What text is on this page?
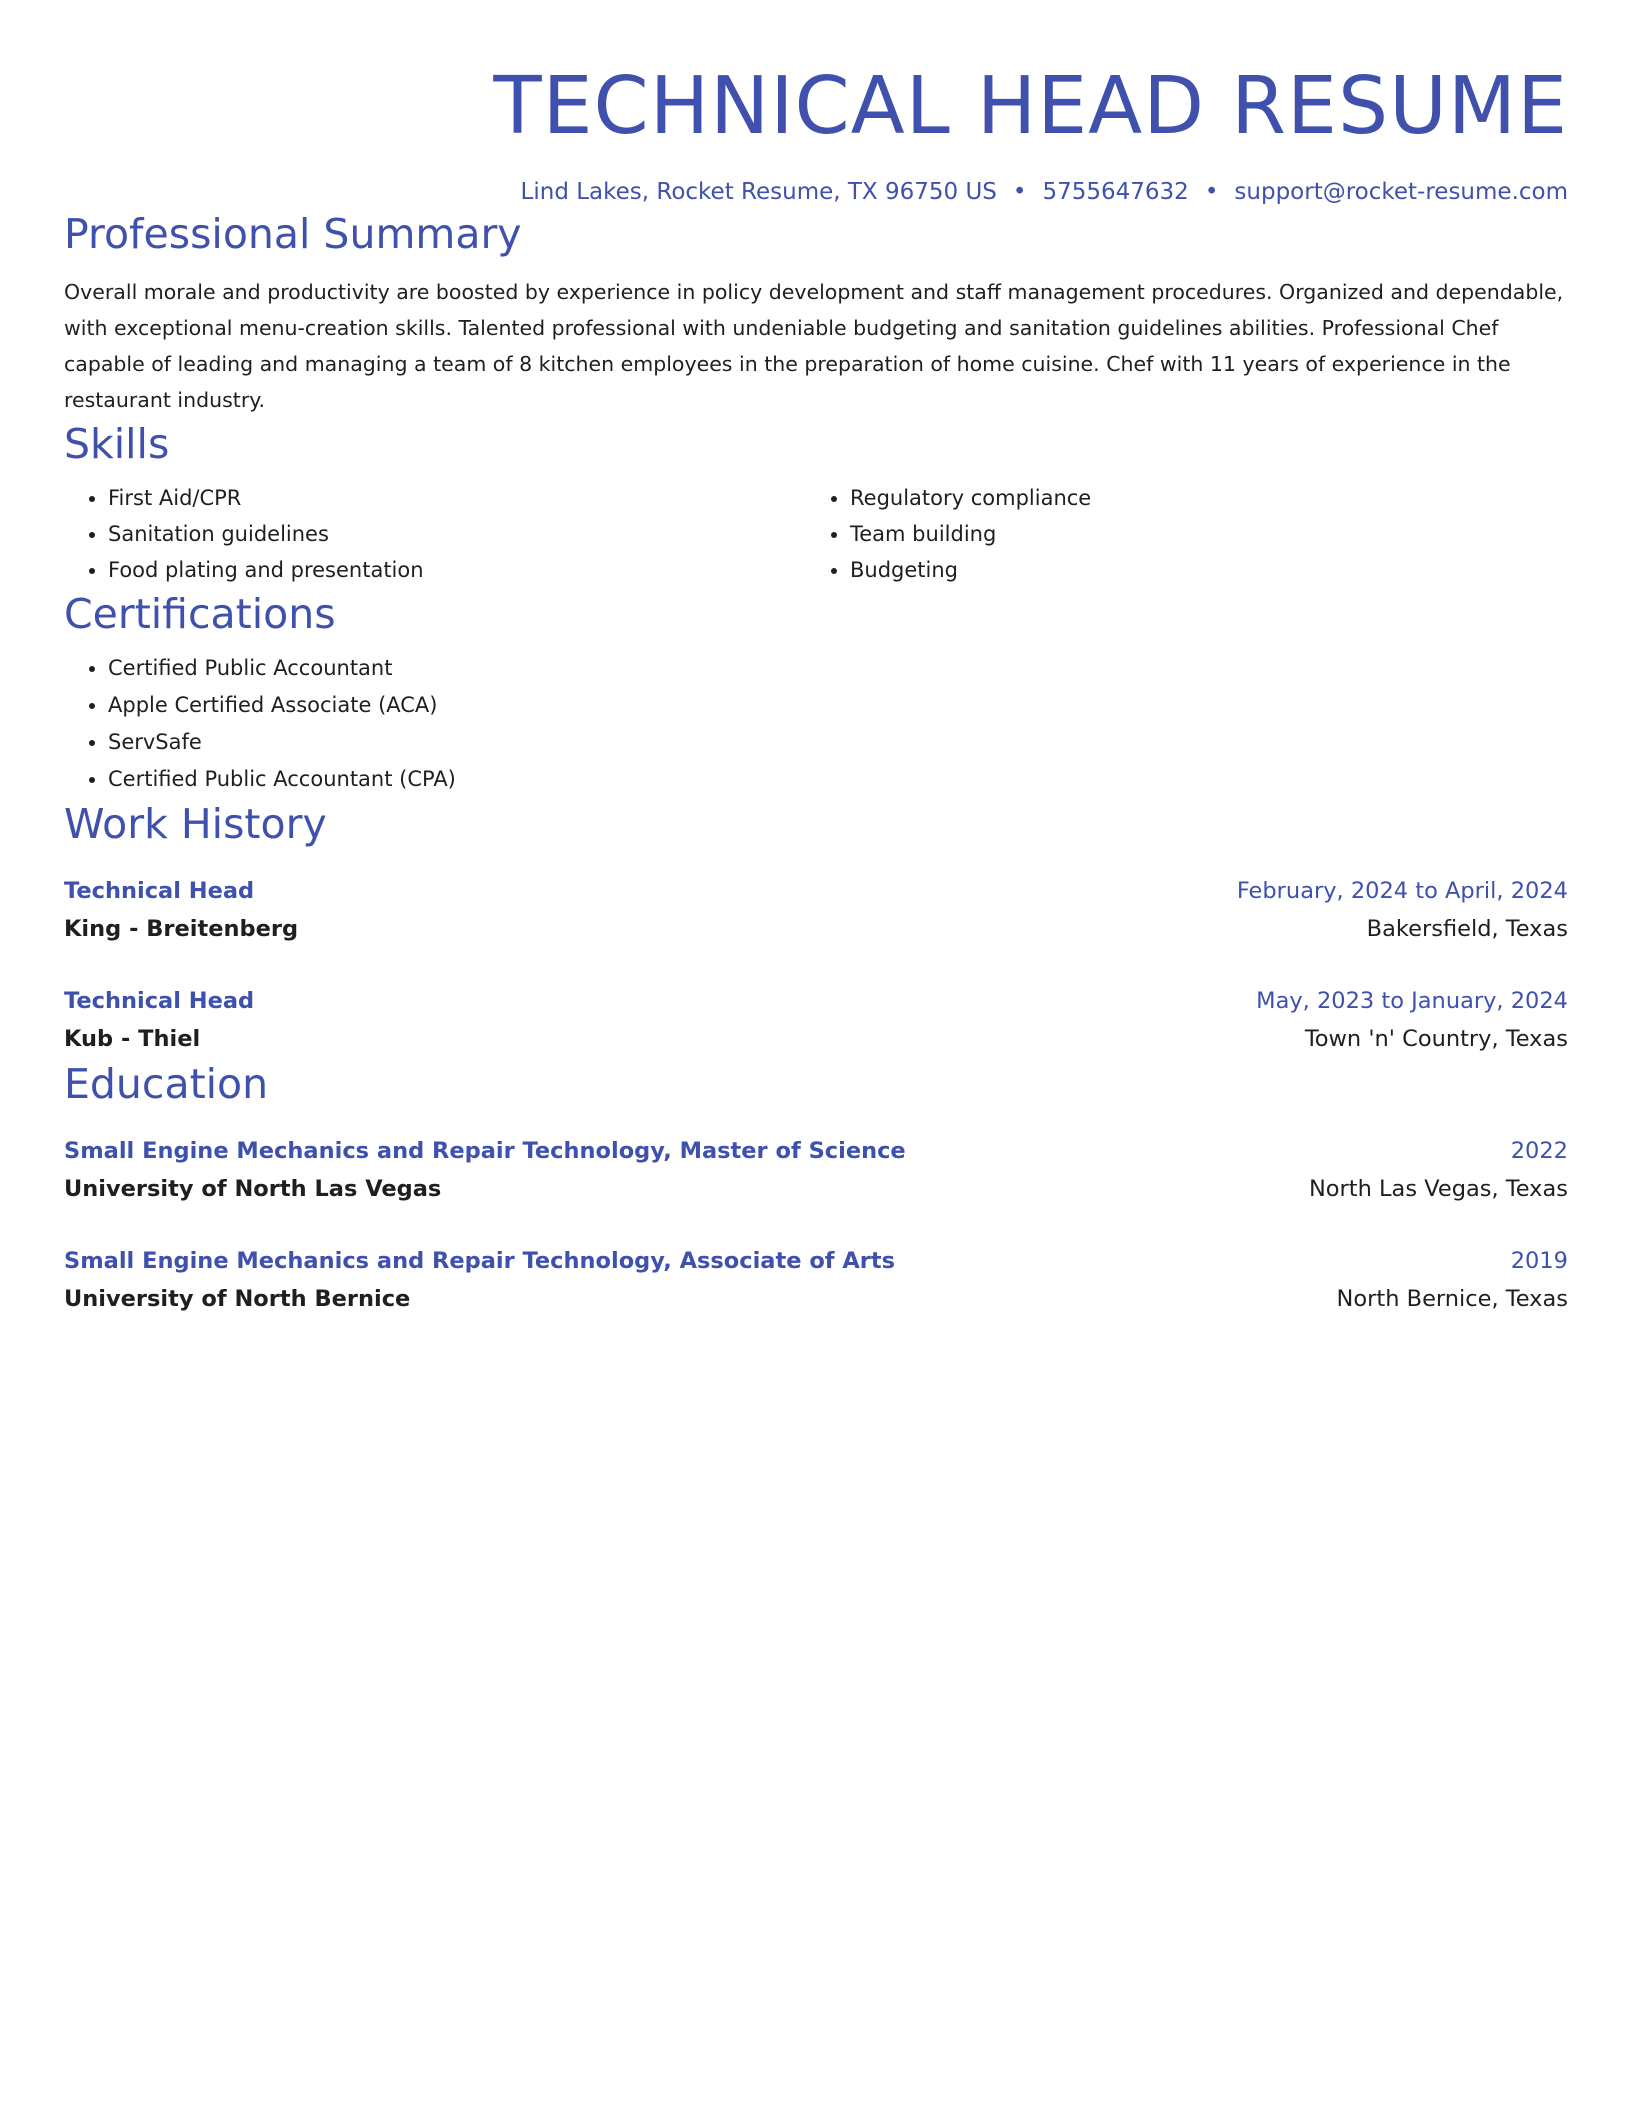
TECHNICAL HEAD RESUME
Lind Lakes, Rocket Resume, TX 96750 US • 5755647632 • support@rocket-resume.com
Professional Summary
Overall morale and productivity are boosted by experience in policy development and staff management procedures. Organized and dependable, with exceptional menu-creation skills. Talented professional with undeniable budgeting and sanitation guidelines abilities. Professional Chef capable of leading and managing a team of 8 kitchen employees in the preparation of home cuisine. Chef with 11 years of experience in the restaurant industry.
Skills
• First Aid/CPR
• Sanitation guidelines
• Food plating and presentation
• Regulatory compliance
• Team building
• Budgeting
Certifications
• Certified Public Accountant
• Apple Certified Associate (ACA)
• ServSafe
• Certified Public Accountant (CPA)
Work History
Technical Head	February, 2024 to April, 2024
King - Breitenberg	Bakersfield, Texas
Technical Head	May, 2023 to January, 2024
Kub - Thiel	Town 'n' Country, Texas
Education
Small Engine Mechanics and Repair Technology, Master of Science	2022
University of North Las Vegas	North Las Vegas, Texas
Small Engine Mechanics and Repair Technology, Associate of Arts	2019
University of North Bernice	North Bernice, Texas
